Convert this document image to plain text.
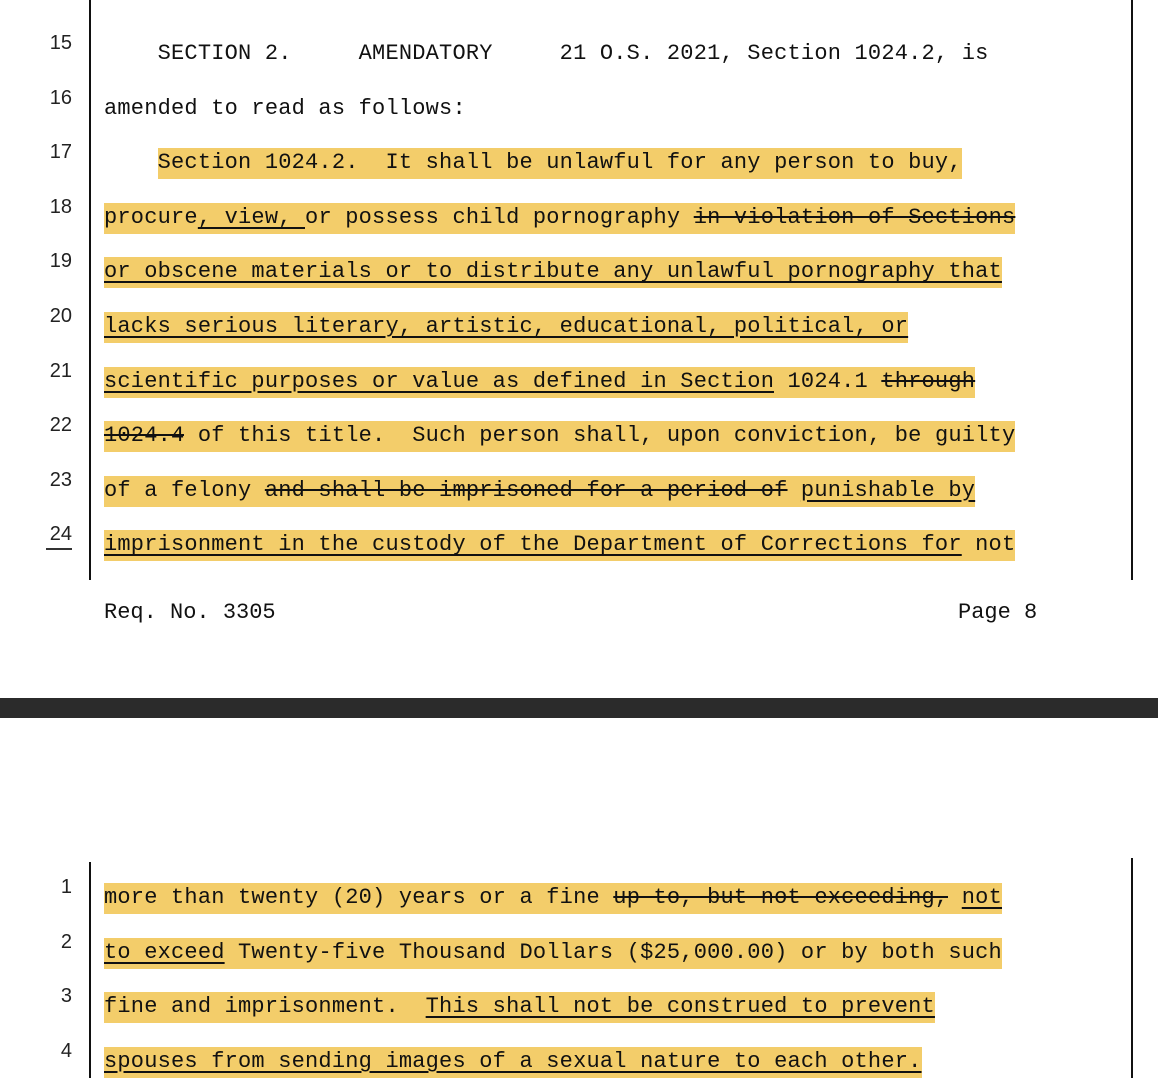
15 SECTION 2.     AMENDATORY     21 O.S. 2021, Section 1024.2, is
16 amended to read as follows:
17	Section 1024.2.  It shall be unlawful for any person to buy,
18 procure, view, or possess child pornography in violation of Sections
19 or obscene materials or to distribute any unlawful pornography that
20 lacks serious literary, artistic, educational, political, or
21 scientific purposes or value as defined in Section 1024.1 through
22 1024.4 of this title.  Such person shall, upon conviction, be guilty
23 of a felony and shall be imprisoned for a period of punishable by
24 imprisonment in the custody of the Department of Corrections for not
Req. No. 3305	Page 8
1 more than twenty (20) years or a fine up to, but not exceeding, not
2 to exceed Twenty-five Thousand Dollars ($25,000.00) or by both such
3 fine and imprisonment.  This shall not be construed to prevent
4 spouses from sending images of a sexual nature to each other.
